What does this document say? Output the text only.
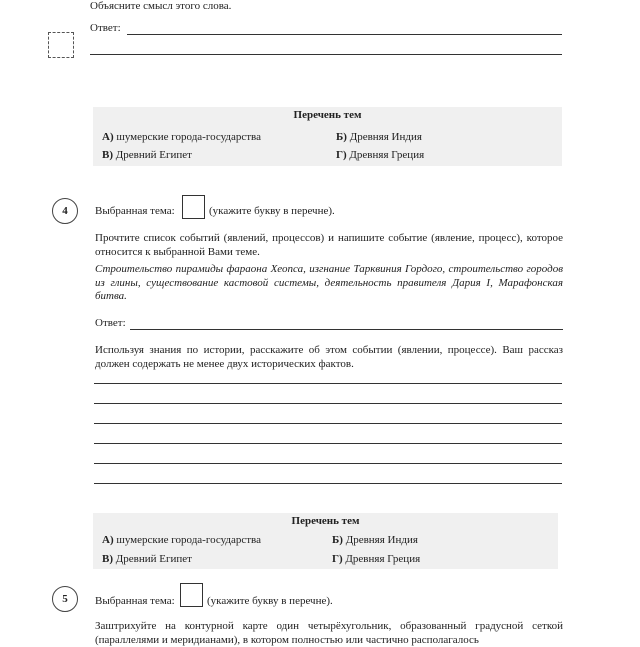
Объясните смысл этого слова.
Ответ:
Перечень тем
А) шумерские города-государства	Б) Древняя Индия
В) Древний Египет	Г) Древняя Греция
4	Выбранная тема:	(укажите букву в перечне).
Прочтите список событий (явлений, процессов) и напишите событие (явление, процесс), которое относится к выбранной Вами теме.
Строительство пирамиды фараона Хеопса, изгнание Тарквиния Гордого, строительство городов из глины, существование кастовой системы, деятельность правителя Дария I, Марафонская битва.
Ответ:
Используя знания по истории, расскажите об этом событии (явлении, процессе). Ваш рассказ должен содержать не менее двух исторических фактов.
Перечень тем
А) шумерские города-государства	Б) Древняя Индия
В) Древний Египет	Г) Древняя Греция
5	Выбранная тема:	(укажите букву в перечне).
Заштрихуйте на контурной карте один четырёхугольник, образованный градусной сеткой (параллелями и меридианами), в котором полностью или частично располагалось
